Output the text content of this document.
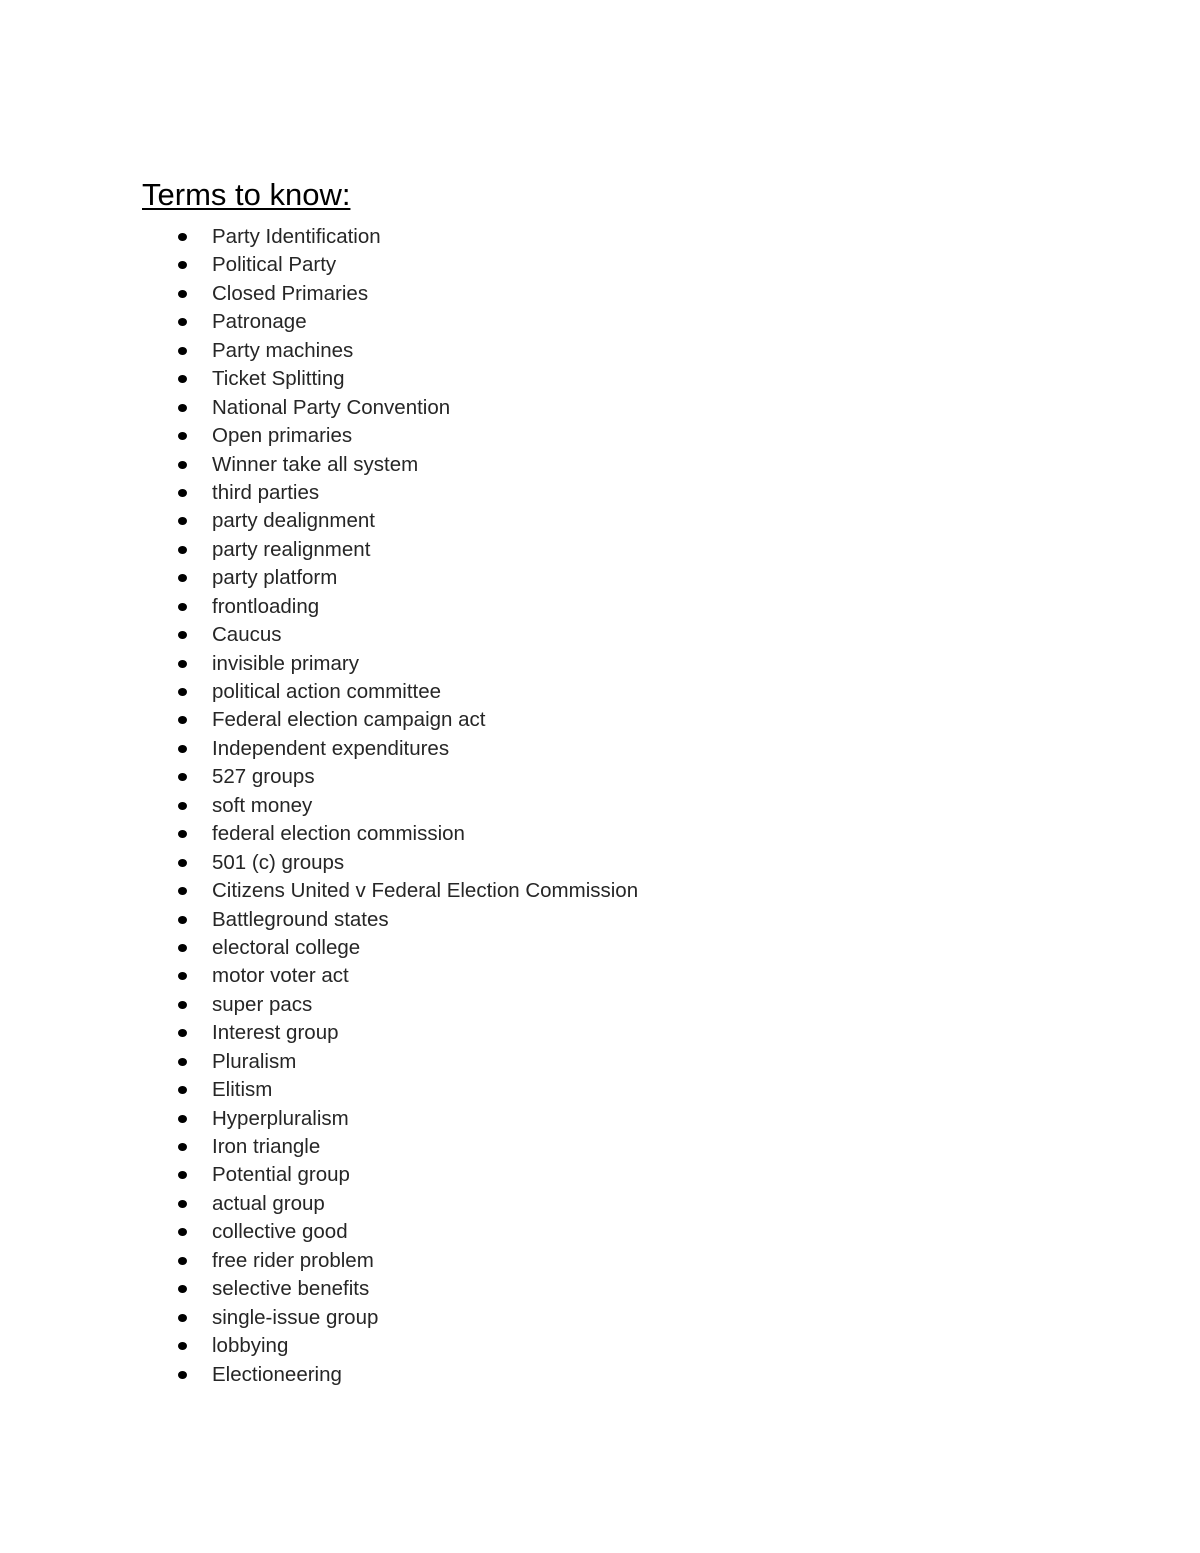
Terms to know:
Party Identification
Political Party
Closed Primaries
Patronage
Party machines
Ticket Splitting
National Party Convention
Open primaries
Winner take all system
third parties
party dealignment
party realignment
party platform
frontloading
Caucus
invisible primary
political action committee
Federal election campaign act
Independent expenditures
527 groups
soft money
federal election commission
501 (c) groups
Citizens United v Federal Election Commission
Battleground states
electoral college
motor voter act
super pacs
Interest group
Pluralism
Elitism
Hyperpluralism
Iron triangle
Potential group
actual group
collective good
free rider problem
selective benefits
single-issue group
lobbying
Electioneering
